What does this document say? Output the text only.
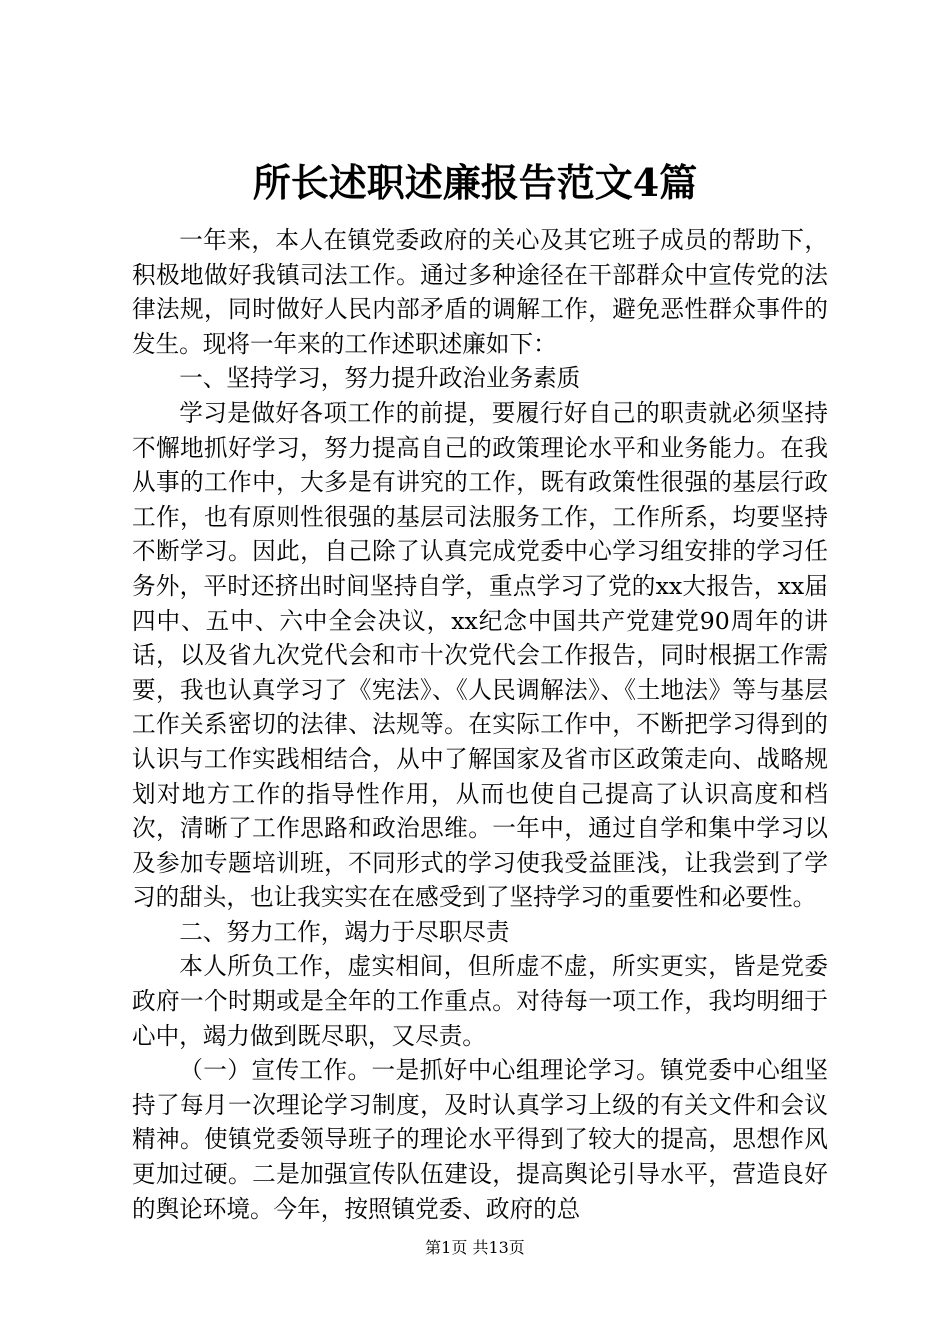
所长述职述廉报告范文4篇

一年来，本人在镇党委政府的关心及其它班子成员的帮助下，积极地做好我镇司法工作。通过多种途径在干部群众中宣传党的法律法规，同时做好人民内部矛盾的调解工作，避免恶性群众事件的发生。现将一年来的工作述职述廉如下：

一、坚持学习，努力提升政治业务素质

学习是做好各项工作的前提，要履行好自己的职责就必须坚持不懈地抓好学习，努力提高自己的政策理论水平和业务能力。在我从事的工作中，大多是有讲究的工作，既有政策性很强的基层行政工作，也有原则性很强的基层司法服务工作，工作所系，均要坚持不断学习。因此，自己除了认真完成党委中心学习组安排的学习任务外，平时还挤出时间坚持自学，重点学习了党的xx大报告，xx届四中、五中、六中全会决议，xx纪念中国共产党建党90周年的讲话，以及省九次党代会和市十次党代会工作报告，同时根据工作需要，我也认真学习了《宪法》、《人民调解法》、《土地法》等与基层工作关系密切的法律、法规等。在实际工作中，不断把学习得到的认识与工作实践相结合，从中了解国家及省市区政策走向、战略规划对地方工作的指导性作用，从而也使自己提高了认识高度和档次，清晰了工作思路和政治思维。一年中，通过自学和集中学习以及参加专题培训班，不同形式的学习使我受益匪浅，让我尝到了学习的甜头，也让我实实在在感受到了坚持学习的重要性和必要性。

二、努力工作，竭力于尽职尽责

本人所负工作，虚实相间，但所虚不虚，所实更实，皆是党委政府一个时期或是全年的工作重点。对待每一项工作，我均明细于心中，竭力做到既尽职，又尽责。

（一）宣传工作。一是抓好中心组理论学习。镇党委中心组坚持了每月一次理论学习制度，及时认真学习上级的有关文件和会议精神。使镇党委领导班子的理论水平得到了较大的提高，思想作风更加过硬。二是加强宣传队伍建设，提高舆论引导水平，营造良好的舆论环境。今年，按照镇党委、政府的总

第1页 共13页
